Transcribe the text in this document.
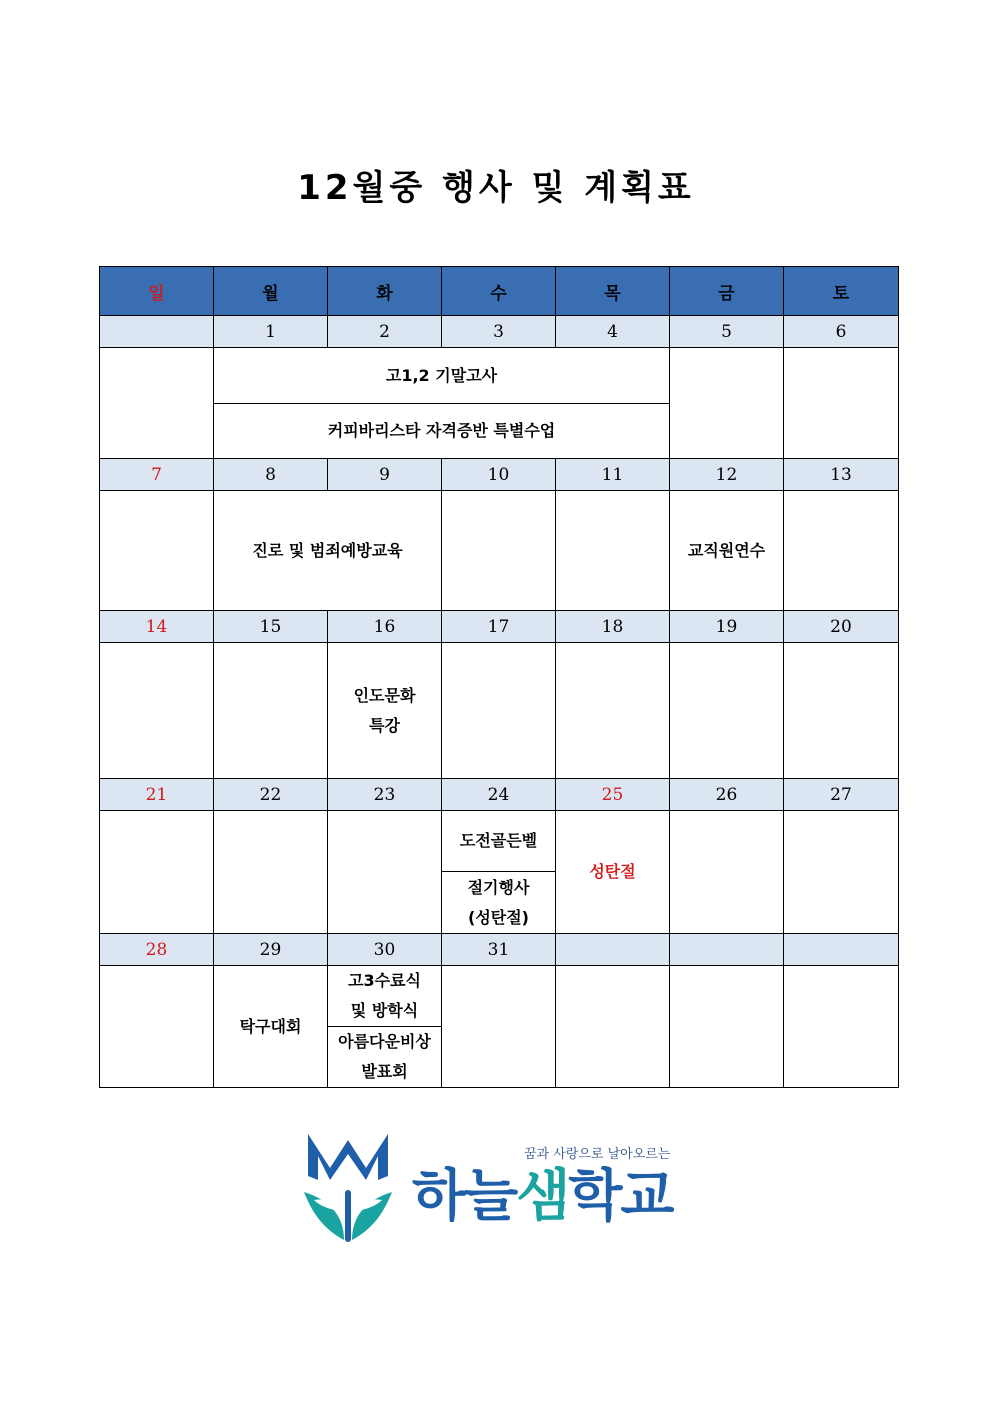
12월중 행사 및 계획표
일	월	화	수	목	금	토
	1	2	3	4	5	6
	고1,2 기말고사					
	커피바리스타 자격증반 특별수업					
7	8	9	10	11	12	13
	진로 및 범죄예방교육				교직원연수	
14	15	16	17	18	19	20

		인도문화
특강				

21	22	23	24	25	26	27
			도전골든벨	성탄절		

			절기행사
(성탄절)			

28	29	30	31			
	탁구대회	고3수료식
및 방학식				

		아름다운비상
발표회				
꿈과 사랑으로 날아오르는
하늘샘학교
